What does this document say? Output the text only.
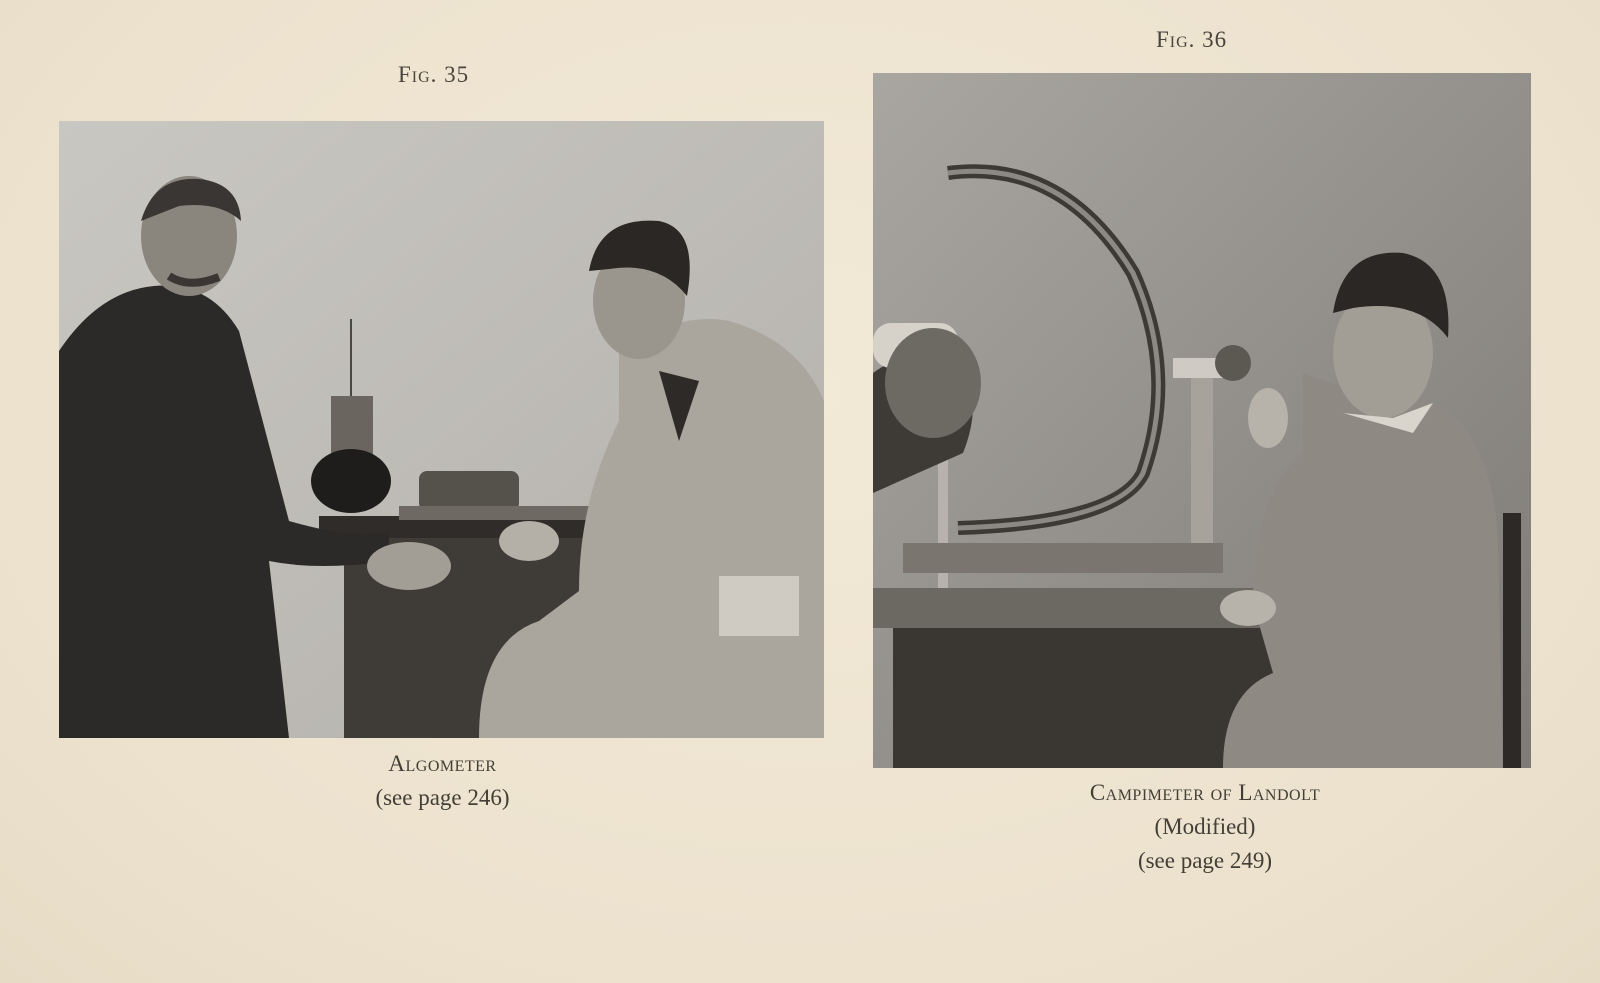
Fig. 35
Algometer
(see page 246)
Fig. 36
Campimeter of Landolt
(Modified)
(see page 249)
